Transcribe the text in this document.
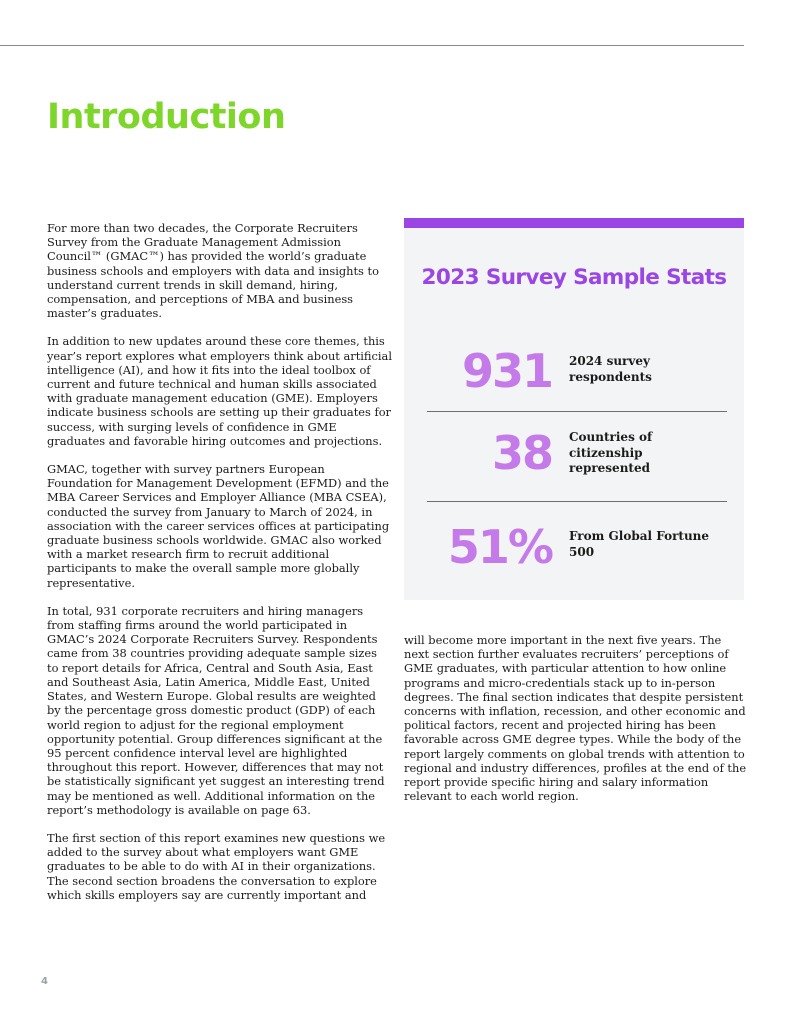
Introduction

For more than two decades, the Corporate Recruiters Survey from the Graduate Management Admission Council™ (GMAC™) has provided the world’s graduate business schools and employers with data and insights to understand current trends in skill demand, hiring, compensation, and perceptions of MBA and business master’s graduates.

In addition to new updates around these core themes, this year’s report explores what employers think about artificial intelligence (AI), and how it fits into the ideal toolbox of current and future technical and human skills associated with graduate management education (GME). Employers indicate business schools are setting up their graduates for success, with surging levels of confidence in GME graduates and favorable hiring outcomes and projections.

GMAC, together with survey partners European Foundation for Management Development (EFMD) and the MBA Career Services and Employer Alliance (MBA CSEA), conducted the survey from January to March of 2024, in association with the career services offices at participating graduate business schools worldwide. GMAC also worked with a market research firm to recruit additional participants to make the overall sample more globally representative.

In total, 931 corporate recruiters and hiring managers from staffing firms around the world participated in GMAC’s 2024 Corporate Recruiters Survey. Respondents came from 38 countries providing adequate sample sizes to report details for Africa, Central and South Asia, East and Southeast Asia, Latin America, Middle East, United States, and Western Europe. Global results are weighted by the percentage gross domestic product (GDP) of each world region to adjust for the regional employment opportunity potential. Group differences significant at the 95 percent confidence interval level are highlighted throughout this report. However, differences that may not be statistically significant yet suggest an interesting trend may be mentioned as well. Additional information on the report’s methodology is available on page 63.

The first section of this report examines new questions we added to the survey about what employers want GME graduates to be able to do with AI in their organizations. The second section broadens the conversation to explore which skills employers say are currently important and

2023 Survey Sample Stats
931 2024 survey respondents
38 Countries of citizenship represented
51% From Global Fortune 500

will become more important in the next five years. The next section further evaluates recruiters’ perceptions of GME graduates, with particular attention to how online programs and micro-credentials stack up to in-person degrees. The final section indicates that despite persistent concerns with inflation, recession, and other economic and political factors, recent and projected hiring has been favorable across GME degree types. While the body of the report largely comments on global trends with attention to regional and industry differences, profiles at the end of the report provide specific hiring and salary information relevant to each world region.

4
